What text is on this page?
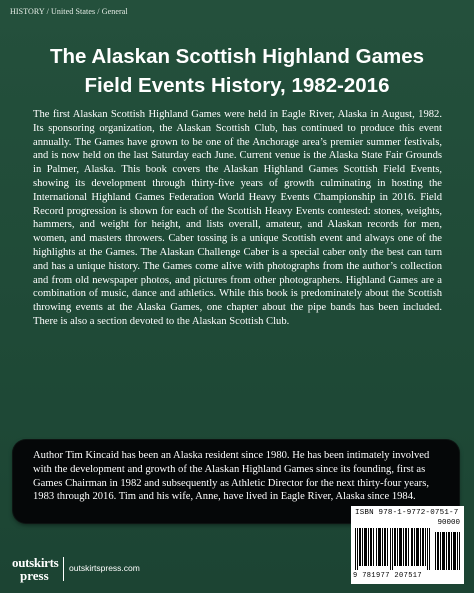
HISTORY / United States / General
The Alaskan Scottish Highland Games
Field Events History, 1982-2016
The first Alaskan Scottish Highland Games were held in Eagle River, Alaska in August, 1982. Its sponsoring organization, the Alaskan Scottish Club, has continued to produce this event annually. The Games have grown to be one of the Anchorage area’s premier summer festivals, and is now held on the last Saturday each June. Current venue is the Alaska State Fair Grounds in Palmer, Alaska. This book covers the Alaskan Highland Games Scottish Field Events, showing its development through thirty-five years of growth culminating in hosting the International Highland Games Federation World Heavy Events Championship in 2016. Field Record progression is shown for each of the Scottish Heavy Events contested: stones, weights, hammers, and weight for height, and lists overall, amateur, and Alaskan records for men, women, and masters throwers. Caber tossing is a unique Scottish event and always one of the highlights at the Games. The Alaskan Challenge Caber is a special caber only the best can turn and has a unique history. The Games come alive with photographs from the author’s collection and from old newspaper photos, and pictures from other photographers. Highland Games are a combination of music, dance and athletics. While this book is predominately about the Scottish throwing events at the Alaska Games, one chapter about the pipe bands has been included. There is also a section devoted to the Alaskan Scottish Club.
Author Tim Kincaid has been an Alaska resident since 1980. He has been intimately involved with the development and growth of the Alaskan Highland Games since its founding, first as Games Chairman in 1982 and subsequently as Athletic Director for the next thirty-four years, 1983 through 2016. Tim and his wife, Anne, have lived in Eagle River, Alaska since 1984.
ISBN 978-1-9772-0751-7
90000
9 781977 207517
outskirts
press outskirtspress.com
